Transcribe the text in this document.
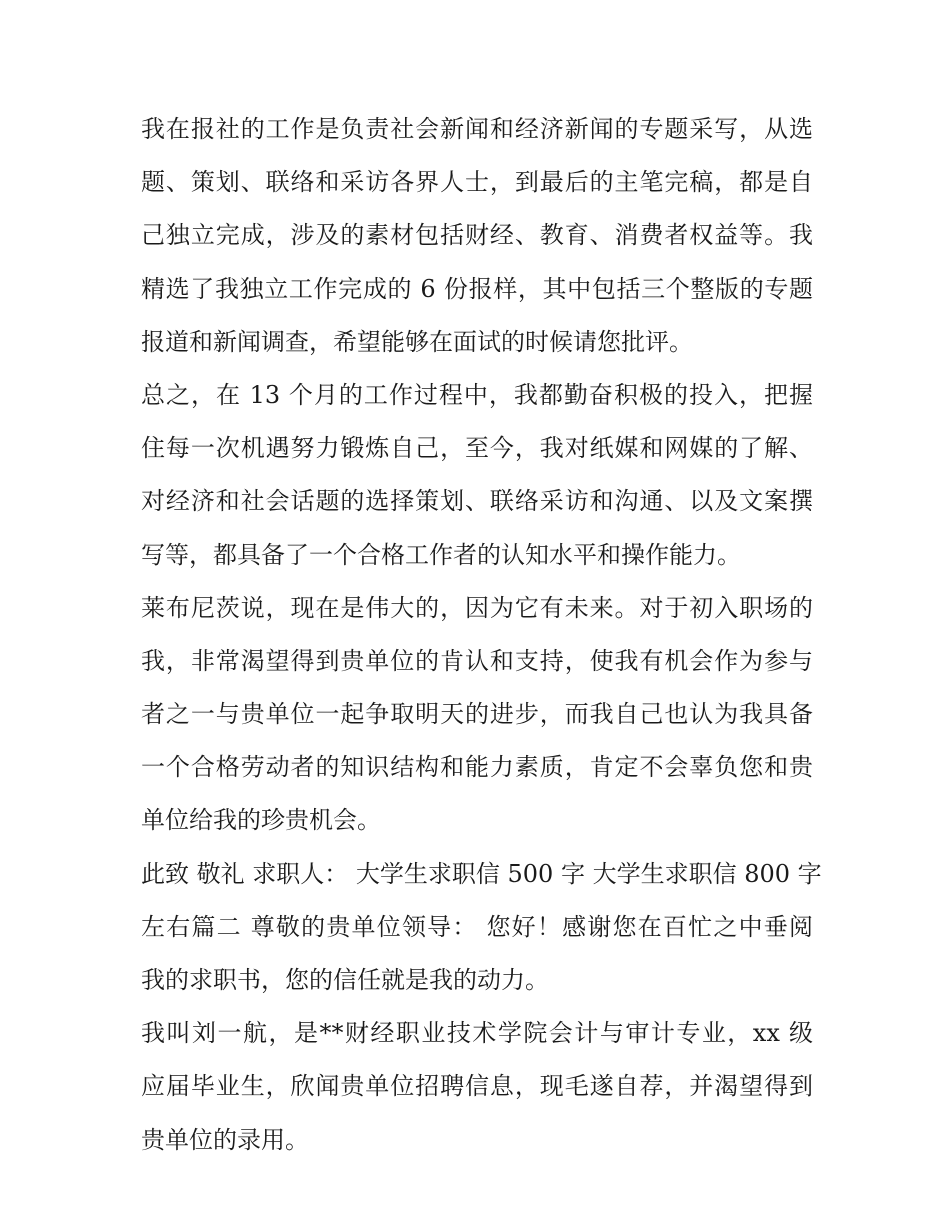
我在报社的工作是负责社会新闻和经济新闻的专题采写，从选
题、策划、联络和采访各界人士，到最后的主笔完稿，都是自
己独立完成，涉及的素材包括财经、教育、消费者权益等。我
精选了我独立工作完成的 6 份报样，其中包括三个整版的专题
报道和新闻调查，希望能够在面试的时候请您批评。
总之，在 13 个月的工作过程中，我都勤奋积极的投入，把握
住每一次机遇努力锻炼自己，至今，我对纸媒和网媒的了解、
对经济和社会话题的选择策划、联络采访和沟通、以及文案撰
写等，都具备了一个合格工作者的认知水平和操作能力。
莱布尼茨说，现在是伟大的，因为它有未来。对于初入职场的
我，非常渴望得到贵单位的肯认和支持，使我有机会作为参与
者之一与贵单位一起争取明天的进步，而我自己也认为我具备
一个合格劳动者的知识结构和能力素质，肯定不会辜负您和贵
单位给我的珍贵机会。
此致 敬礼 求职人： 大学生求职信 500 字 大学生求职信 800 字
左右篇二 尊敬的贵单位领导： 您好！感谢您在百忙之中垂阅
我的求职书，您的信任就是我的动力。
我叫刘一航，是**财经职业技术学院会计与审计专业，xx 级
应届毕业生，欣闻贵单位招聘信息，现毛遂自荐，并渴望得到
贵单位的录用。
